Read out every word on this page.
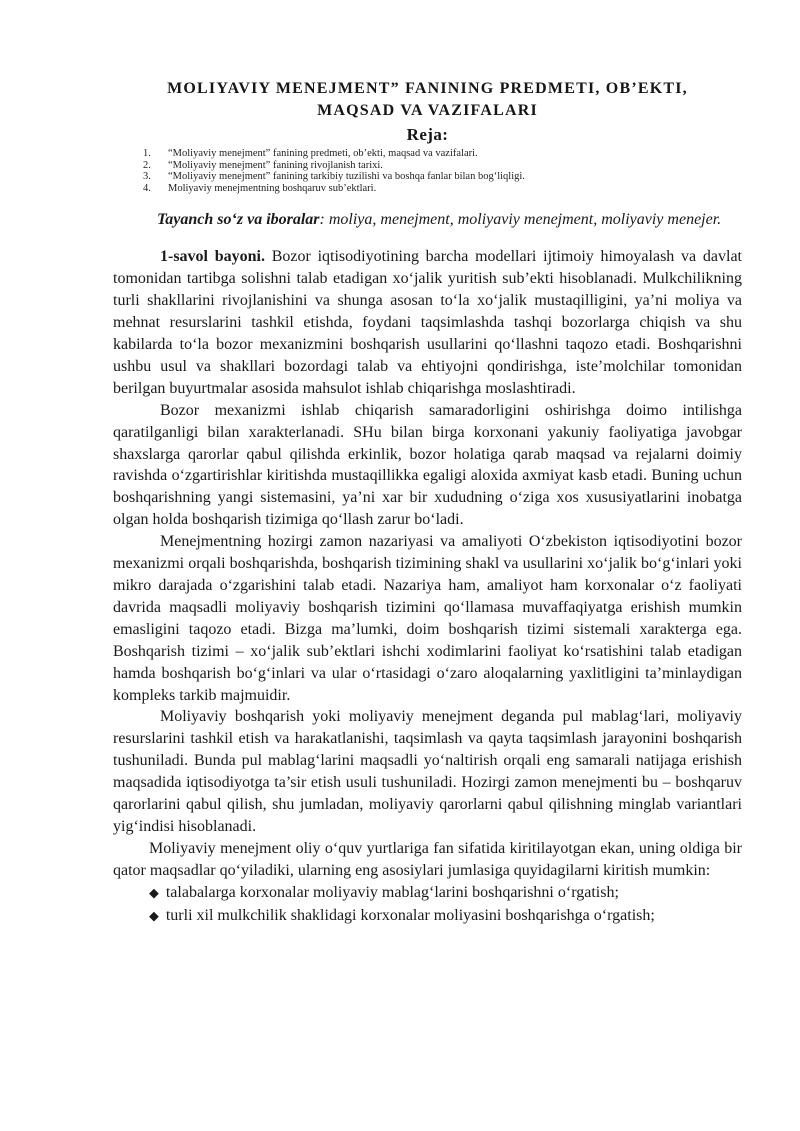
MOLIYAVIY MENEJMENT” FANINING PREDMETI, OB’EKTI,
MAQSAD VA VAZIFALARI
Reja:
1.	“Moliyaviy menejment” fanining predmeti, ob’ekti, maqsad va vazifalari.
2.	“Moliyaviy menejment” fanining rivojlanish tarixi.
3.	“Moliyaviy menejment” fanining tarkibiy tuzilishi va boshqa fanlar bilan bog‘liqligi.
4.	Moliyaviy menejmentning boshqaruv sub’ektlari.

Tayanch so‘z va iboralar: moliya, menejment, moliyaviy menejment, moliyaviy menejer.

1-savol bayoni. Bozor iqtisodiyotining barcha modellari ijtimoiy himoyalash va davlat tomonidan tartibga solishni talab etadigan xo‘jalik yuritish sub’ekti hisoblanadi. Mulkchilikning turli shakllarini rivojlanishini va shunga asosan to‘la xo‘jalik mustaqilligini, ya’ni moliya va mehnat resurslarini tashkil etishda, foydani taqsimlashda tashqi bozorlarga chiqish va shu kabilarda to‘la bozor mexanizmini boshqarish usullarini qo‘llashni taqozo etadi. Boshqarishni ushbu usul va shakllari bozordagi talab va ehtiyojni qondirishga, iste’molchilar tomonidan berilgan buyurtmalar asosida mahsulot ishlab chiqarishga moslashtiradi.

Bozor mexanizmi ishlab chiqarish samaradorligini oshirishga doimo intilishga qaratilganligi bilan xarakterlanadi. SHu bilan birga korxonani yakuniy faoliyatiga javobgar shaxslarga qarorlar qabul qilishda erkinlik, bozor holatiga qarab maqsad va rejalarni doimiy ravishda o‘zgartirishlar kiritishda mustaqillikka egaligi aloxida axmiyat kasb etadi. Buning uchun boshqarishning yangi sistemasini, ya’ni xar bir xududning o‘ziga xos xususiyatlarini inobatga olgan holda boshqarish tizimiga qo‘llash zarur bo‘ladi.

Menejmentning hozirgi zamon nazariyasi va amaliyoti O‘zbekiston iqtisodiyotini bozor mexanizmi orqali boshqarishda, boshqarish tizimining shakl va usullarini xo‘jalik bo‘g‘inlari yoki mikro darajada o‘zgarishini talab etadi. Nazariya ham, amaliyot ham korxonalar o‘z faoliyati davrida maqsadli moliyaviy boshqarish tizimini qo‘llamasa muvaffaqiyatga erishish mumkin emasligini taqozo etadi. Bizga ma’lumki, doim boshqarish tizimi sistemali xarakterga ega. Boshqarish tizimi – xo‘jalik sub’ektlari ishchi xodimlarini faoliyat ko‘rsatishini talab etadigan hamda boshqarish bo‘g‘inlari va ular o‘rtasidagi o‘zaro aloqalarning yaxlitligini ta’minlaydigan kompleks tarkib majmuidir.

Moliyaviy boshqarish yoki moliyaviy menejment deganda pul mablag‘lari, moliyaviy resurslarini tashkil etish va harakatlanishi, taqsimlash va qayta taqsimlash jarayonini boshqarish tushuniladi. Bunda pul mablag‘larini maqsadli yo‘naltirish orqali eng samarali natijaga erishish maqsadida iqtisodiyotga ta’sir etish usuli tushuniladi. Hozirgi zamon menejmenti bu – boshqaruv qarorlarini qabul qilish, shu jumladan, moliyaviy qarorlarni qabul qilishning minglab variantlari yig‘indisi hisoblanadi.

Moliyaviy menejment oliy o‘quv yurtlariga fan sifatida kiritilayotgan ekan, uning oldiga bir qator maqsadlar qo‘yiladiki, ularning eng asosiylari jumlasiga quyidagilarni kiritish mumkin:

◆ talabalarga korxonalar moliyaviy mablag‘larini boshqarishni o‘rgatish;

◆ turli xil mulkchilik shaklidagi korxonalar moliyasini boshqarishga o‘rgatish;
